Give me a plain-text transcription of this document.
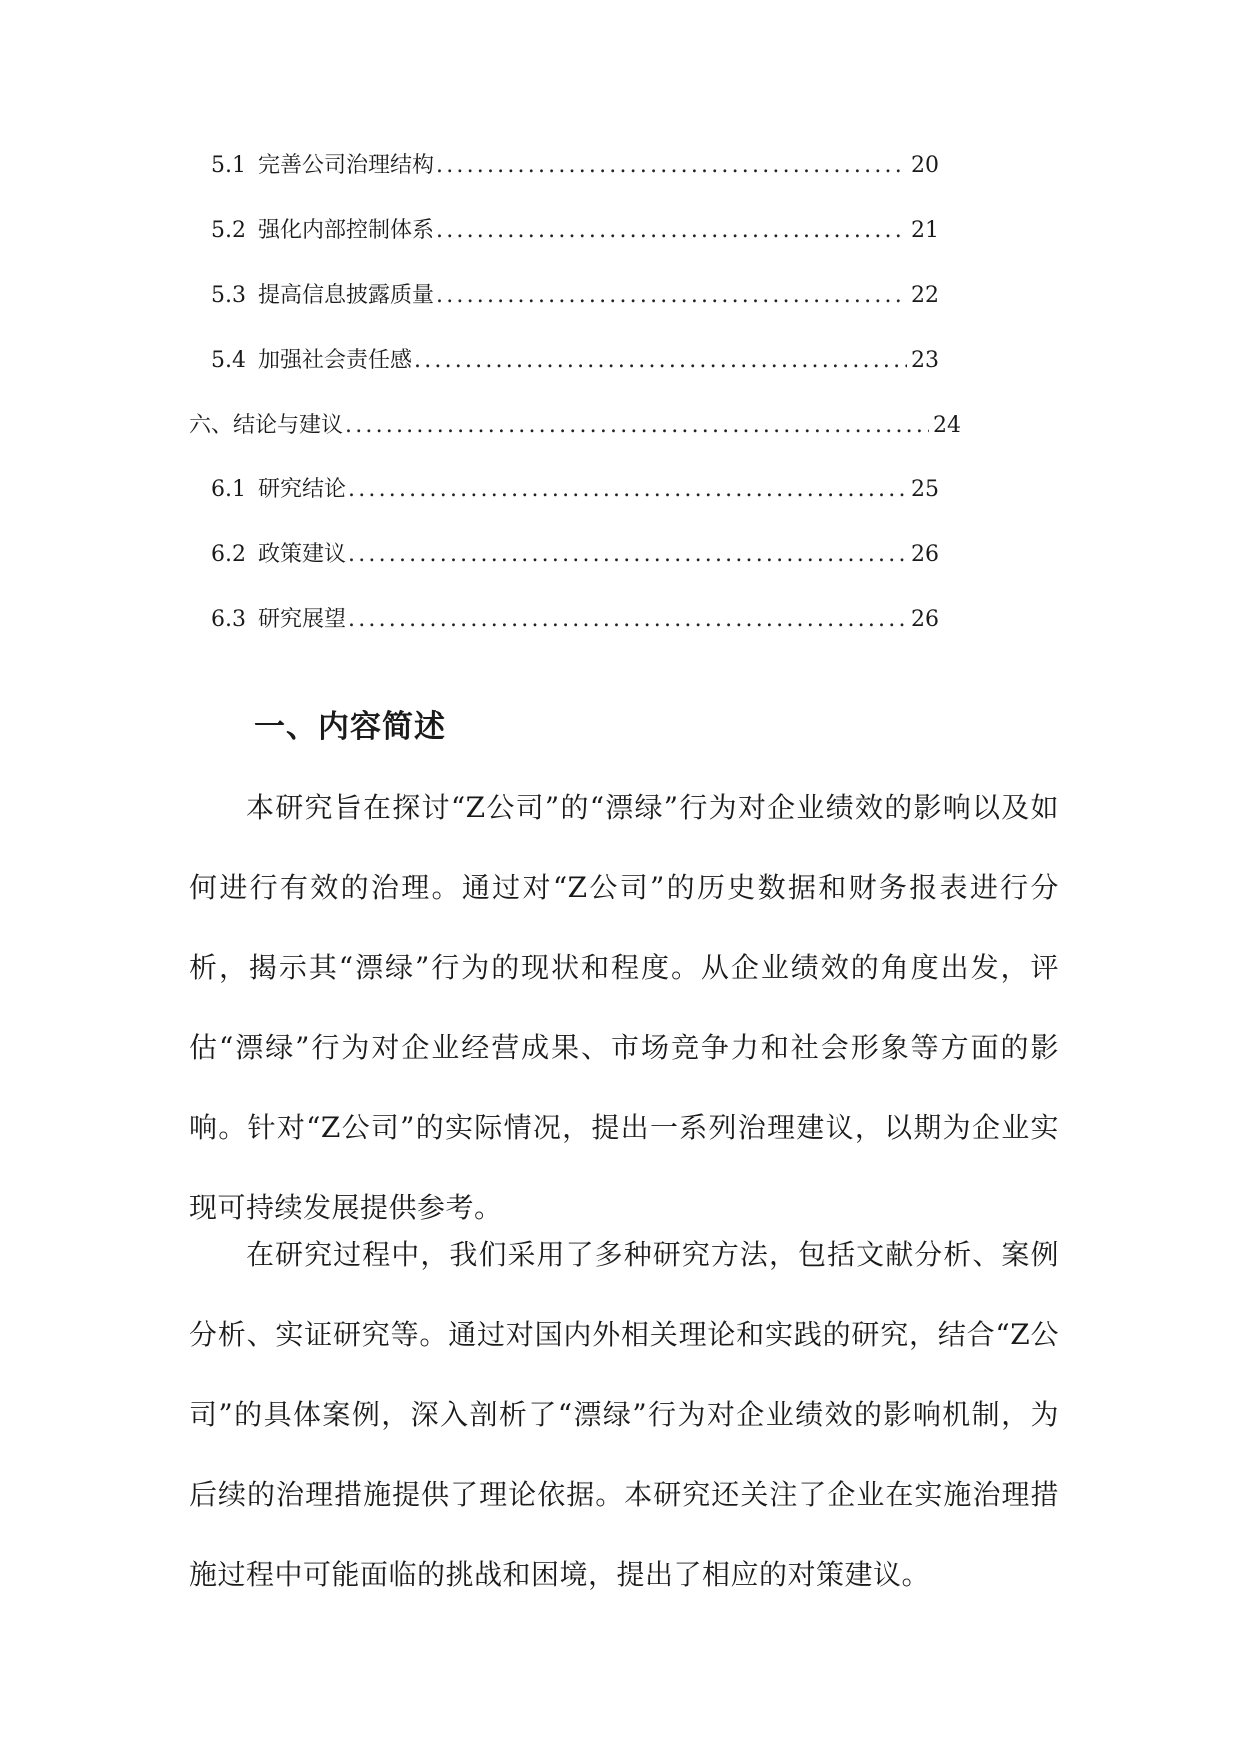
5.1 完善公司治理结构 .....	20
5.2 强化内部控制体系 .....	21
5.3 提高信息披露质量 .....	22
5.4 加强社会责任感 .....	23
六、结论与建议 .....	24
6.1 研究结论 .....	25
6.2 政策建议 .....	26
6.3 研究展望 .....	26
一、内容简述

本研究旨在探讨“Z公司”的“漂绿”行为对企业绩效的影响以及如何进行有效的治理。通过对“Z公司”的历史数据和财务报表进行分析，揭示其“漂绿”行为的现状和程度。从企业绩效的角度出发，评估“漂绿”行为对企业经营成果、市场竞争力和社会形象等方面的影响。针对“Z公司”的实际情况，提出一系列治理建议，以期为企业实现可持续发展提供参考。

在研究过程中，我们采用了多种研究方法，包括文献分析、案例分析、实证研究等。通过对国内外相关理论和实践的研究，结合“Z公司”的具体案例，深入剖析了“漂绿”行为对企业绩效的影响机制，为后续的治理措施提供了理论依据。本研究还关注了企业在实施治理措施过程中可能面临的挑战和困境，提出了相应的对策建议。
